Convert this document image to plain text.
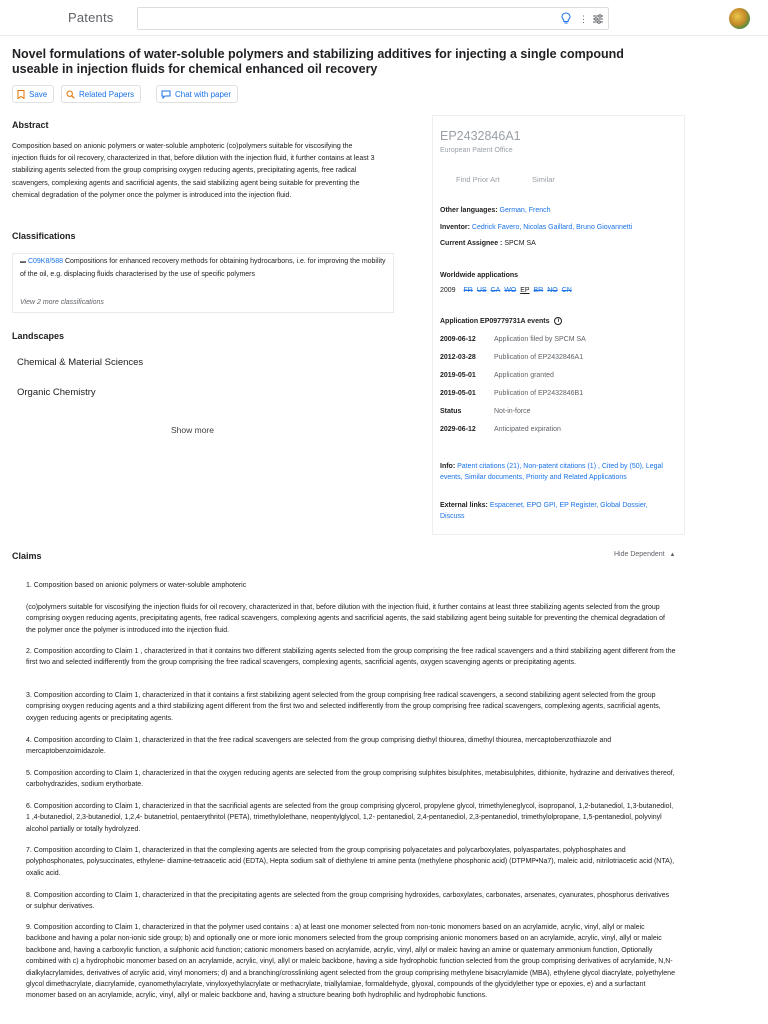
Patents	⋮
Novel formulations of water-soluble polymers and stabilizing additives for injecting a single compound useable in injection fluids for chemical enhanced oil recovery
Save	Related Papers	Chat with paper
Abstract
Composition based on anionic polymers or water-soluble amphoteric (co)polymers suitable for viscosifying the injection fluids for oil recovery, characterized in that, before dilution with the injection fluid, it further contains at least 3 stabilizing agents selected from the group comprising oxygen reducing agents, precipitating agents, free radical scavengers, complexing agents and sacrificial agents, the said stabilizing agent being suitable for preventing the chemical degradation of the polymer once the polymer is introduced into the injection fluid.
Classifications
▬ C09K8/588 Compositions for enhanced recovery methods for obtaining hydrocarbons, i.e. for improving the mobility of the oil, e.g. displacing fluids characterised by the use of specific polymers
View 2 more classifications
Landscapes
Chemical & Material Sciences
Organic Chemistry
Show more
EP2432846A1
European Patent Office
Find Prior Art	Similar
Other languages: German, French
Inventor: Cedrick Favero, Nicolas Gaillard, Bruno Giovannetti
Current Assignee : SPCM SA
Worldwide applications
2009 FR US CA WO EP BR NO CN
Application EP09779731A events i
2009-06-12	Application filed by SPCM SA
2012-03-28	Publication of EP2432846A1
2019-05-01	Application granted
2019-05-01	Publication of EP2432846B1
Status	Not-in-force
2029-06-12	Anticipated expiration
Info: Patent citations (21), Non-patent citations (1) , Cited by (50), Legal events, Similar documents, Priority and Related Applications
External links: Espacenet, EPO GPI, EP Register, Global Dossier, Discuss
Claims	Hide Dependent ▲
1. Composition based on anionic polymers or water-soluble amphoteric
(co)polymers suitable for viscosifying the injection fluids for oil recovery, characterized in that, before dilution with the injection fluid, it further contains at least three stabilizing agents selected from the group comprising oxygen reducing agents, precipitating agents, free radical scavengers, complexing agents and sacrificial agents, the said stabilizing agent being suitable for preventing the chemical degradation of the polymer once the polymer is introduced into the injection fluid.
2. Composition according to Claim 1 , characterized in that it contains two different stabilizing agents selected from the group comprising the free radical scavengers and a third stabilizing agent different from the first two and selected indifferently from the group comprising the free radical scavengers, complexing agents, sacrificial agents, oxygen scavenging agents or precipitating agents.
3. Composition according to Claim 1, characterized in that it contains a first stabilizing agent selected from the group comprising free radical scavengers, a second stabilizing agent selected from the group comprising oxygen reducing agents and a third stabilizing agent different from the first two and selected indifferently from the group comprising free radical scavengers, complexing agents, sacrificial agents, oxygen reducing agents or precipitating agents.
4. Composition according to Claim 1, characterized in that the free radical scavengers are selected from the group comprising diethyl thiourea, dimethyl thiourea, mercaptobenzothiazole and mercaptobenzoimidazole.
5. Composition according to Claim 1, characterized in that the oxygen reducing agents are selected from the group comprising sulphites bisulphites, metabisulphites, dithionite, hydrazine and derivatives thereof, carbohydrazides, sodium erythorbate.
6. Composition according to Claim 1, characterized in that the sacrificial agents are selected from the group comprising glycerol, propylene glycol, trimethyleneglycol, isopropanol, 1,2-butanediol, 1,3-butanediol, 1 ,4-butanediol, 2,3-butanediol, 1,2,4- butanetriol, pentaerythritol (PETA), trimethylolethane, neopentylglycol, 1,2- pentanediol, 2,4-pentanediol, 2,3-pentanediol, trimethylolpropane, 1,5-pentanediol, polyvinyl alcohol partially or totally hydrolyzed.
7. Composition according to Claim 1, characterized in that the complexing agents are selected from the group comprising polyacetates and polycarboxylates, polyaspartates, polyphosphates and polyphosphonates, polysuccinates, ethylene- diamine-tetraacetic acid (EDTA), Hepta sodium salt of diethylene tri amine penta (methylene phosphonic acid) (DTPMP•Na7), maleic acid, nitrilotriacetic acid (NTA), oxalic acid.
8. Composition according to Claim 1, characterized in that the precipitating agents are selected from the group comprising hydroxides, carboxylates, carbonates, arsenates, cyanurates, phosphorus derivatives or sulphur derivatives.
9. Composition according to Claim 1, characterized in that the polymer used contains : a) at least one monomer selected from non-tonic monomers based on an acrylamide, acrylic, vinyl, allyl or maleic backbone and having a polar non-ionic side group; b) and optionally one or more ionic monomers selected from the group comprising anionic monomers based on an acrylamide, acrylic, vinyl, allyl or maleic backbone and, having a carboxylic function, a sulphonic acid function; cationic monomers based on acrylamide, acrylic, vinyl, allyl or maleic having an amine or quaternary ammonium function, Optionally combined with c) a hydrophobic monomer based on an acrylamide, acrylic, vinyl, allyl or maleic backbone, having a side hydrophobic function selected from the group comprising derivatives of acrylamide, N,N-dialkylacrylamides, derivatives of acrylic acid, vinyl monomers; d) and a branching/crosslinking agent selected from the group comprising methylene bisacrylamide (MBA), ethylene glycol diacrylate, polyethylene glycol dimethacrylate, diacrylamide, cyanomethylacrylate, vinyloxyethylacrylate or methacrylate, triallylamiae, formaldehyde, glyoxal, compounds of the glycidylether type or epoxies, e) and a surfactant monomer based on an acrylamide, acrylic, vinyl, allyl or maleic backbone and, having a structure bearing both hydrophilic and hydrophobic functions.
